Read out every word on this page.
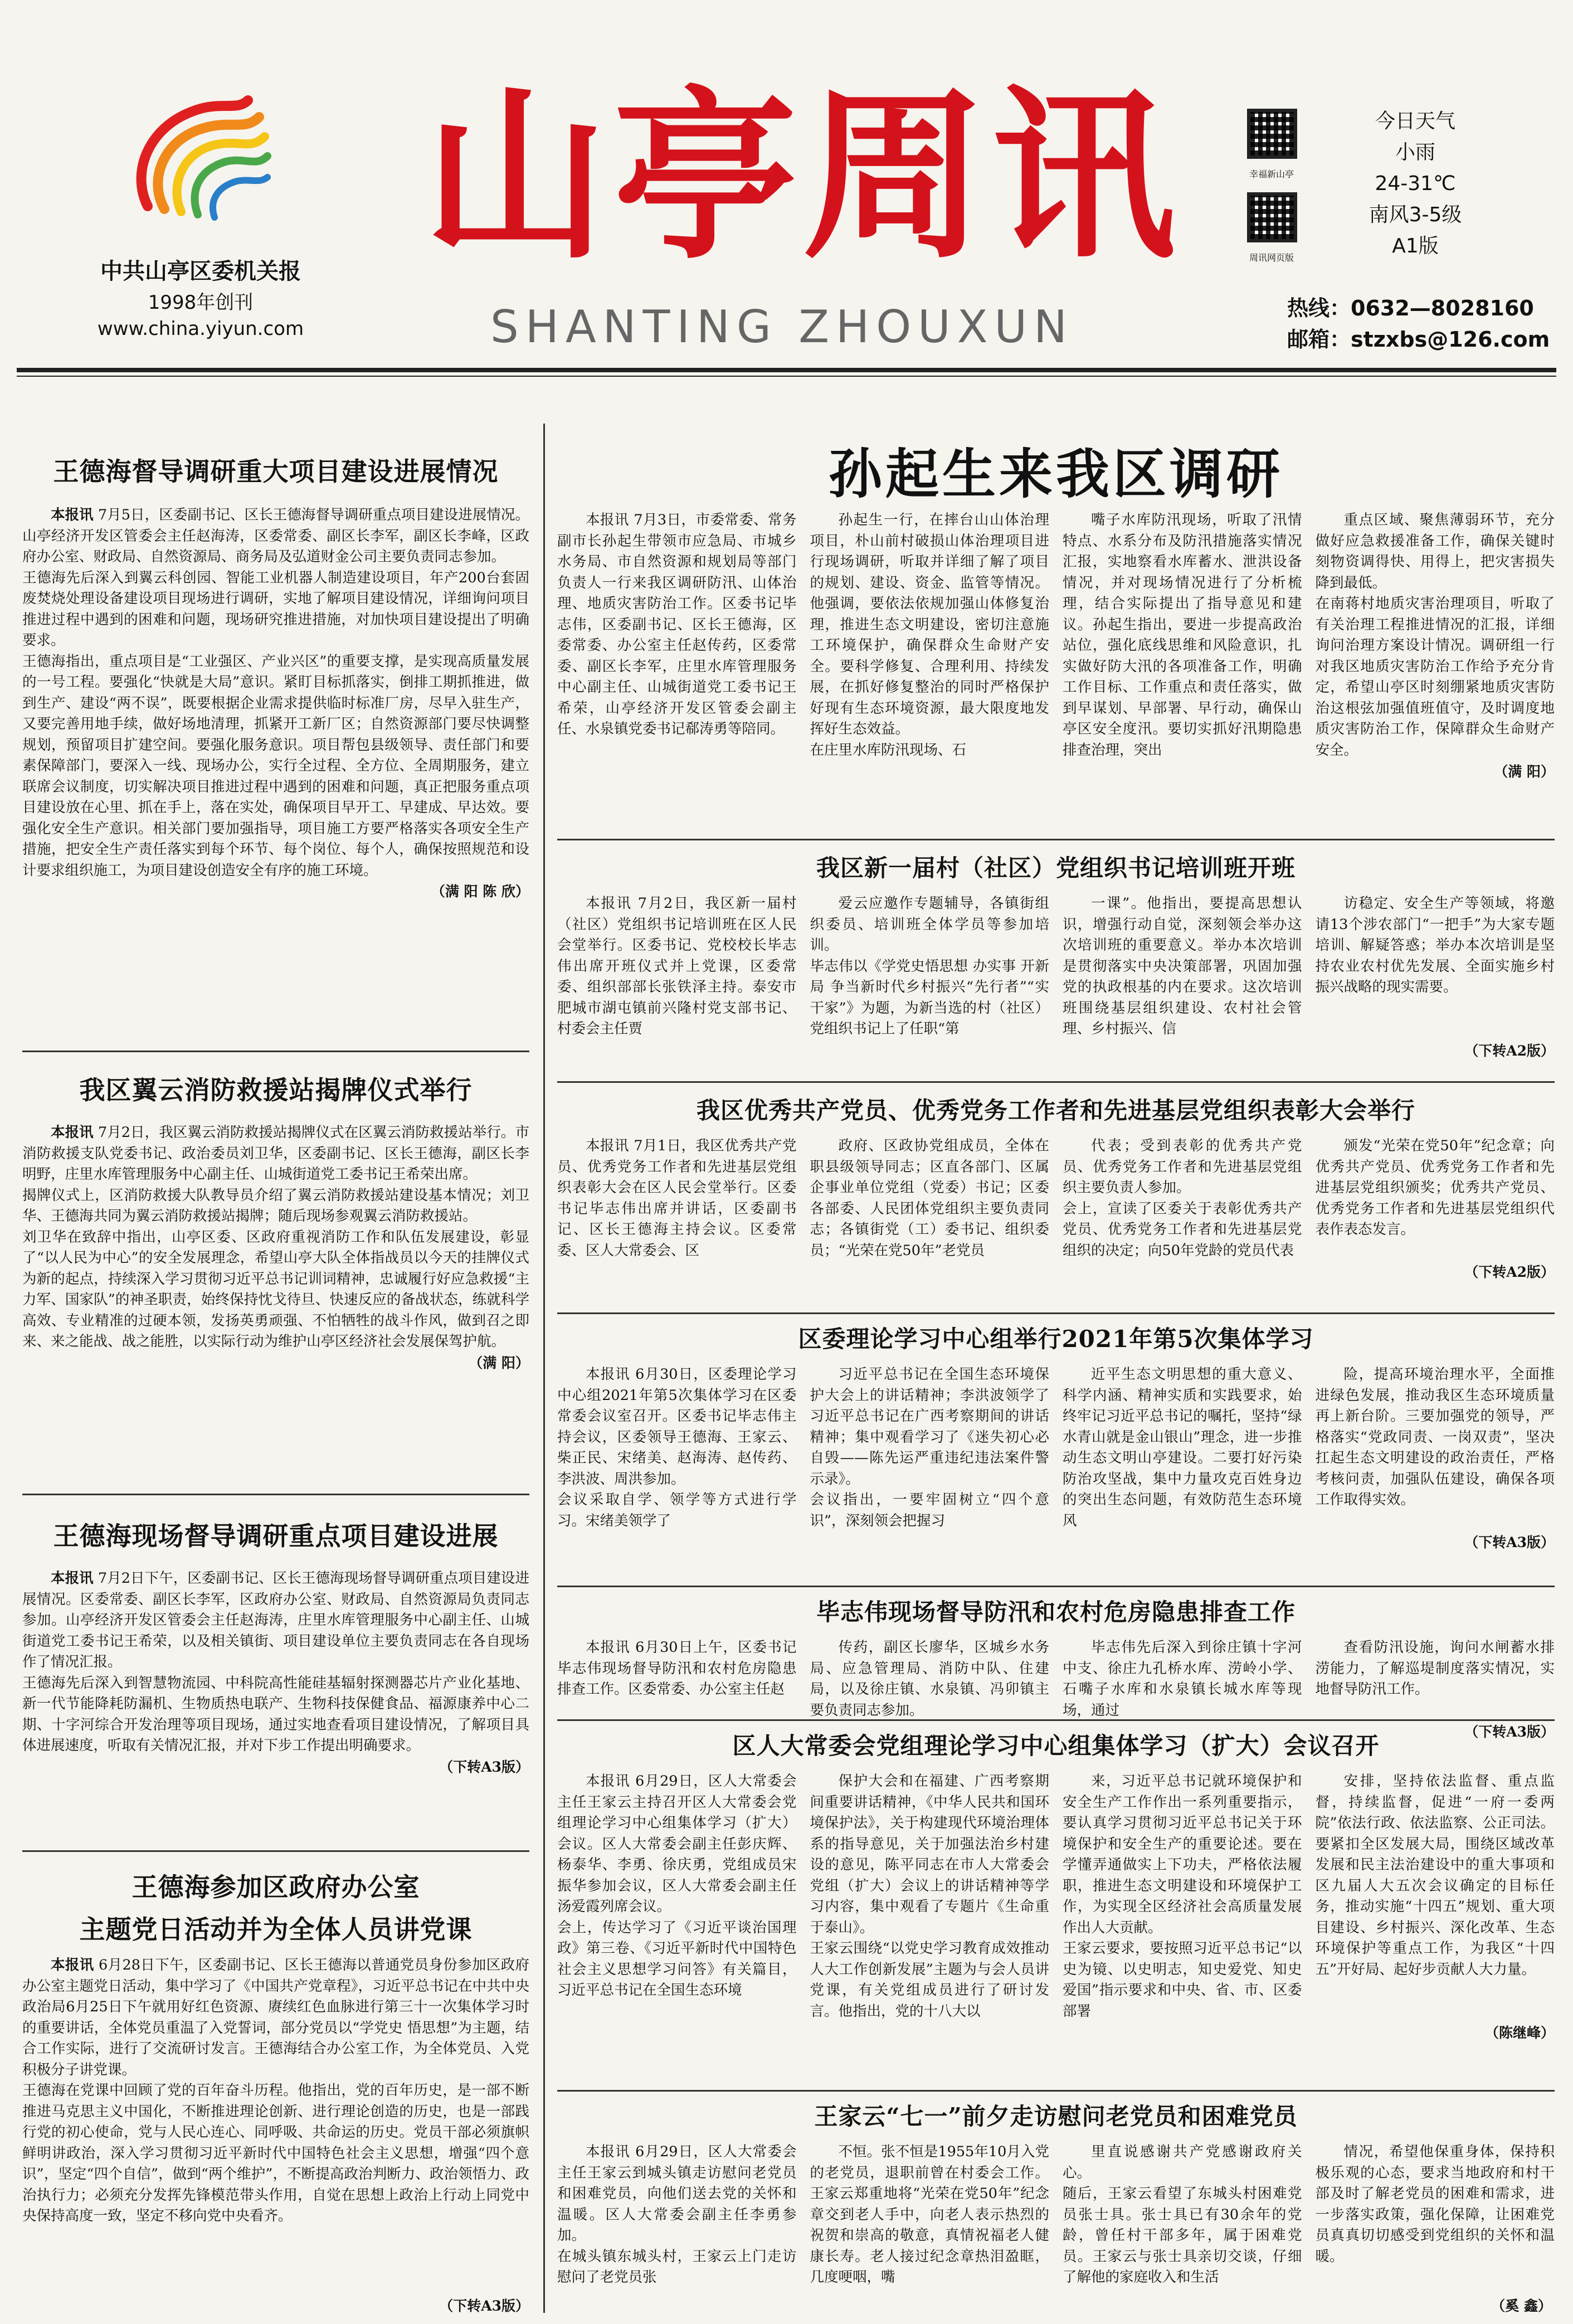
中共山亭区委机关报
1998年创刊
www.china.yiyun.com
山亭周讯
SHANTING ZHOUXUN
幸福新山亭
周讯网页版
今日天气
小雨
24-31℃
南风3-5级
A1版
热线：0632—8028160
邮箱：stzxbs@126.com
王德海督导调研重大项目建设进展情况

本报讯 7月5日，区委副书记、区长王德海督导调研重点项目建设进展情况。山亭经济开发区管委会主任赵海涛，区委常委、副区长李军，副区长李峰，区政府办公室、财政局、自然资源局、商务局及弘道财金公司主要负责同志参加。
王德海先后深入到翼云科创园、智能工业机器人制造建设项目，年产200台套固废焚烧处理设备建设项目现场进行调研，实地了解项目建设情况，详细询问项目推进过程中遇到的困难和问题，现场研究推进措施，对加快项目建设提出了明确要求。
王德海指出，重点项目是“工业强区、产业兴区”的重要支撑，是实现高质量发展的一号工程。要强化“快就是大局”意识。紧盯目标抓落实，倒排工期抓推进，做到生产、建设“两不误”，既要根据企业需求提供临时标准厂房，尽早入驻生产，又要完善用地手续，做好场地清理，抓紧开工新厂区；自然资源部门要尽快调整规划，预留项目扩建空间。要强化服务意识。项目帮包县级领导、责任部门和要素保障部门，要深入一线、现场办公，实行全过程、全方位、全周期服务，建立联席会议制度，切实解决项目推进过程中遇到的困难和问题，真正把服务重点项目建设放在心里、抓在手上，落在实处，确保项目早开工、早建成、早达效。要强化安全生产意识。相关部门要加强指导，项目施工方要严格落实各项安全生产措施，把安全生产责任落实到每个环节、每个岗位、每个人，确保按照规范和设计要求组织施工，为项目建设创造安全有序的施工环境。

（满 阳 陈 欣）
我区翼云消防救援站揭牌仪式举行

本报讯 7月2日，我区翼云消防救援站揭牌仪式在区翼云消防救援站举行。市消防救援支队党委书记、政治委员刘卫华，区委副书记、区长王德海，副区长李明野，庄里水库管理服务中心副主任、山城街道党工委书记王希荣出席。
揭牌仪式上，区消防救援大队教导员介绍了翼云消防救援站建设基本情况；刘卫华、王德海共同为翼云消防救援站揭牌；随后现场参观翼云消防救援站。
刘卫华在致辞中指出，山亭区委、区政府重视消防工作和队伍发展建设，彰显了“以人民为中心”的安全发展理念，希望山亭大队全体指战员以今天的挂牌仪式为新的起点，持续深入学习贯彻习近平总书记训词精神，忠诚履行好应急救援“主力军、国家队”的神圣职责，始终保持忱戈待旦、快速反应的备战状态，练就科学高效、专业精准的过硬本领，发扬英勇顽强、不怕牺牲的战斗作风，做到召之即来、来之能战、战之能胜，以实际行动为维护山亭区经济社会发展保驾护航。

（满 阳）
王德海现场督导调研重点项目建设进展

本报讯 7月2日下午，区委副书记、区长王德海现场督导调研重点项目建设进展情况。区委常委、副区长李军，区政府办公室、财政局、自然资源局负责同志参加。山亭经济开发区管委会主任赵海涛，庄里水库管理服务中心副主任、山城街道党工委书记王希荣，以及相关镇街、项目建设单位主要负责同志在各自现场作了情况汇报。
王德海先后深入到智慧物流园、中科院高性能硅基辐射探测器芯片产业化基地、新一代节能降耗防漏机、生物质热电联产、生物科技保健食品、福源康养中心二期、十字河综合开发治理等项目现场，通过实地查看项目建设情况，了解项目具体进展速度，听取有关情况汇报，并对下步工作提出明确要求。

（下转A3版）
王德海参加区政府办公室
主题党日活动并为全体人员讲党课

本报讯 6月28日下午，区委副书记、区长王德海以普通党员身份参加区政府办公室主题党日活动，集中学习了《中国共产党章程》，习近平总书记在中共中央政治局6月25日下午就用好红色资源、赓续红色血脉进行第三十一次集体学习时的重要讲话，全体党员重温了入党誓词，部分党员以“学党史 悟思想”为主题，结合工作实际，进行了交流研讨发言。王德海结合办公室工作，为全体党员、入党积极分子讲党课。
王德海在党课中回顾了党的百年奋斗历程。他指出，党的百年历史，是一部不断推进马克思主义中国化，不断推进理论创新、进行理论创造的历史，也是一部践行党的初心使命，党与人民心连心、同呼吸、共命运的历史。党员干部必须旗帜鲜明讲政治，深入学习贯彻习近平新时代中国特色社会主义思想，增强“四个意识”，坚定“四个自信”，做到“两个维护”，不断提高政治判断力、政治领悟力、政治执行力；必须充分发挥先锋模范带头作用，自觉在思想上政治上行动上同党中央保持高度一致，坚定不移向党中央看齐。

（下转A3版）
孙起生来我区调研
本报讯 7月3日，市委常委、常务副市长孙起生带领市应急局、市城乡水务局、市自然资源和规划局等部门负责人一行来我区调研防汛、山体治理、地质灾害防治工作。区委书记毕志伟，区委副书记、区长王德海，区委常委、办公室主任赵传药，区委常委、副区长李军，庄里水库管理服务中心副主任、山城街道党工委书记王希荣，山亭经济开发区管委会副主任、水泉镇党委书记郗涛勇等陪同。
孙起生一行，在摔台山山体治理项目，朴山前村破损山体治理项目进行现场调研，听取并详细了解了项目的规划、建设、资金、监管等情况。他强调，要依法依规加强山体修复治理，推进生态文明建设，密切注意施工环境保护，确保群众生命财产安全。要科学修复、合理利用、持续发展，在抓好修复整治的同时严格保护好现有生态环境资源，最大限度地发挥好生态效益。
在庄里水库防汛现场、石
嘴子水库防汛现场，听取了汛情特点、水系分布及防汛措施落实情况汇报，实地察看水库蓄水、泄洪设备情况，并对现场情况进行了分析梳理，结合实际提出了指导意见和建议。孙起生指出，要进一步提高政治站位，强化底线思维和风险意识，扎实做好防大汛的各项准备工作，明确工作目标、工作重点和责任落实，做到早谋划、早部署、早行动，确保山亭区安全度汛。要切实抓好汛期隐患排查治理，突出
重点区域、聚焦薄弱环节，充分做好应急救援准备工作，确保关键时刻物资调得快、用得上，把灾害损失降到最低。
在南蒋村地质灾害治理项目，听取了有关治理工程推进情况的汇报，详细询问治理方案设计情况。调研组一行对我区地质灾害防治工作给予充分肯定，希望山亭区时刻绷紧地质灾害防治这根弦加强值班值守，及时调度地质灾害防治工作，保障群众生命财产安全。
（满 阳）
我区新一届村（社区）党组织书记培训班开班
本报讯 7月2日，我区新一届村（社区）党组织书记培训班在区人民会堂举行。区委书记、党校校长毕志伟出席开班仪式并上党课，区委常委、组织部部长张铁泽主持。泰安市肥城市湖屯镇前兴隆村党支部书记、村委会主任贾
爱云应邀作专题辅导，各镇街组织委员、培训班全体学员等参加培训。
毕志伟以《学党史悟思想 办实事 开新局 争当新时代乡村振兴“先行者”“实干家”》为题，为新当选的村（社区）党组织书记上了任职“第
一课”。他指出，要提高思想认识，增强行动自觉，深刻领会举办这次培训班的重要意义。举办本次培训是贯彻落实中央决策部署，巩固加强党的执政根基的内在要求。这次培训班围绕基层组织建设、农村社会管理、乡村振兴、信
访稳定、安全生产等领域，将邀请13个涉农部门“一把手”为大家专题培训、解疑答惑；举办本次培训是坚持农业农村优先发展、全面实施乡村振兴战略的现实需要。
（下转A2版）
我区优秀共产党员、优秀党务工作者和先进基层党组织表彰大会举行
本报讯 7月1日，我区优秀共产党员、优秀党务工作者和先进基层党组织表彰大会在区人民会堂举行。区委书记毕志伟出席并讲话，区委副书记、区长王德海主持会议。区委常委、区人大常委会、区
政府、区政协党组成员，全体在职县级领导同志；区直各部门、区属企事业单位党组（党委）书记；区委各部委、人民团体党组织主要负责同志；各镇街党（工）委书记、组织委员；“光荣在党50年”老党员
代表；受到表彰的优秀共产党员、优秀党务工作者和先进基层党组织主要负责人参加。
会上，宣读了区委关于表彰优秀共产党员、优秀党务工作者和先进基层党组织的决定；向50年党龄的党员代表
颁发“光荣在党50年”纪念章；向优秀共产党员、优秀党务工作者和先进基层党组织颁奖；优秀共产党员、优秀党务工作者和先进基层党组织代表作表态发言。
（下转A2版）
区委理论学习中心组举行2021年第5次集体学习
本报讯 6月30日，区委理论学习中心组2021年第5次集体学习在区委常委会议室召开。区委书记毕志伟主持会议，区委领导王德海、王家云、柴正民、宋绪美、赵海涛、赵传药、李洪波、周洪参加。
会议采取自学、领学等方式进行学习。宋绪美领学了
习近平总书记在全国生态环境保护大会上的讲话精神；李洪波领学了习近平总书记在广西考察期间的讲话精神；集中观看学习了《迷失初心必自毁——陈先运严重违纪违法案件警示录》。
会议指出，一要牢固树立“四个意识”，深刻领会把握习
近平生态文明思想的重大意义、科学内涵、精神实质和实践要求，始终牢记习近平总书记的嘱托，坚持“绿水青山就是金山银山”理念，进一步推动生态文明山亭建设。二要打好污染防治攻坚战，集中力量攻克百姓身边的突出生态问题，有效防范生态环境风
险，提高环境治理水平，全面推进绿色发展，推动我区生态环境质量再上新台阶。三要加强党的领导，严格落实“党政同责、一岗双责”，坚决扛起生态文明建设的政治责任，严格考核问责，加强队伍建设，确保各项工作取得实效。
（下转A3版）
毕志伟现场督导防汛和农村危房隐患排查工作
本报讯 6月30日上午，区委书记毕志伟现场督导防汛和农村危房隐患排查工作。区委常委、办公室主任赵
传药，副区长廖华，区城乡水务局、应急管理局、消防中队、住建局，以及徐庄镇、水泉镇、冯卯镇主要负责同志参加。
毕志伟先后深入到徐庄镇十字河中支、徐庄九孔桥水库、涝岭小学、石嘴子水库和水泉镇长城水库等现场，通过
查看防汛设施，询问水闸蓄水排涝能力，了解巡堤制度落实情况，实地督导防汛工作。
（下转A3版）
区人大常委会党组理论学习中心组集体学习（扩大）会议召开
本报讯 6月29日，区人大常委会主任王家云主持召开区人大常委会党组理论学习中心组集体学习（扩大）会议。区人大常委会副主任彭庆辉、杨泰华、李勇、徐庆勇，党组成员宋振华参加会议，区人大常委会副主任汤爱霞列席会议。
会上，传达学习了《习近平谈治国理政》第三卷、《习近平新时代中国特色社会主义思想学习问答》有关篇目，习近平总书记在全国生态环境
保护大会和在福建、广西考察期间重要讲话精神，《中华人民共和国环境保护法》，关于构建现代环境治理体系的指导意见，关于加强法治乡村建设的意见，陈平同志在市人大常委会党组（扩大）会议上的讲话精神等学习内容，集中观看了专题片《生命重于泰山》。
王家云围绕“以党史学习教育成效推动人大工作创新发展”主题为与会人员讲党课，有关党组成员进行了研讨发言。他指出，党的十八大以
来，习近平总书记就环境保护和安全生产工作作出一系列重要指示，要认真学习贯彻习近平总书记关于环境保护和安全生产的重要论述。要在学懂弄通做实上下功夫，严格依法履职，推进生态文明建设和环境保护工作，为实现全区经济社会高质量发展作出人大贡献。
王家云要求，要按照习近平总书记“以史为镜、以史明志，知史爱党、知史爱国”指示要求和中央、省、市、区委部署
安排，坚持依法监督、重点监督，持续监督，促进“一府一委两院”依法行政、依法监察、公正司法。要紧扣全区发展大局，围绕区域改革发展和民主法治建设中的重大事项和区九届人大五次会议确定的目标任务，推动实施“十四五”规划、重大项目建设、乡村振兴、深化改革、生态环境保护等重点工作，为我区“十四五”开好局、起好步贡献人大力量。
（陈继峰）
王家云“七一”前夕走访慰问老党员和困难党员
本报讯 6月29日，区人大常委会主任王家云到城头镇走访慰问老党员和困难党员，向他们送去党的关怀和温暖。区人大常委会副主任李勇参加。
在城头镇东城头村，王家云上门走访慰问了老党员张
不恒。张不恒是1955年10月入党的老党员，退职前曾在村委会工作。王家云郑重地将“光荣在党50年”纪念章交到老人手中，向老人表示热烈的祝贺和崇高的敬意，真情祝福老人健康长寿。老人接过纪念章热泪盈眶，几度哽咽，嘴
里直说感谢共产党感谢政府关心。
随后，王家云看望了东城头村困难党员张士具。张士具已有30余年的党龄，曾任村干部多年，属于困难党员。王家云与张士具亲切交谈，仔细了解他的家庭收入和生活
情况，希望他保重身体，保持积极乐观的心态，要求当地政府和村干部及时了解老党员的困难和需求，进一步落实政策，强化保障，让困难党员真真切切感受到党组织的关怀和温暖。
（奚 鑫）
